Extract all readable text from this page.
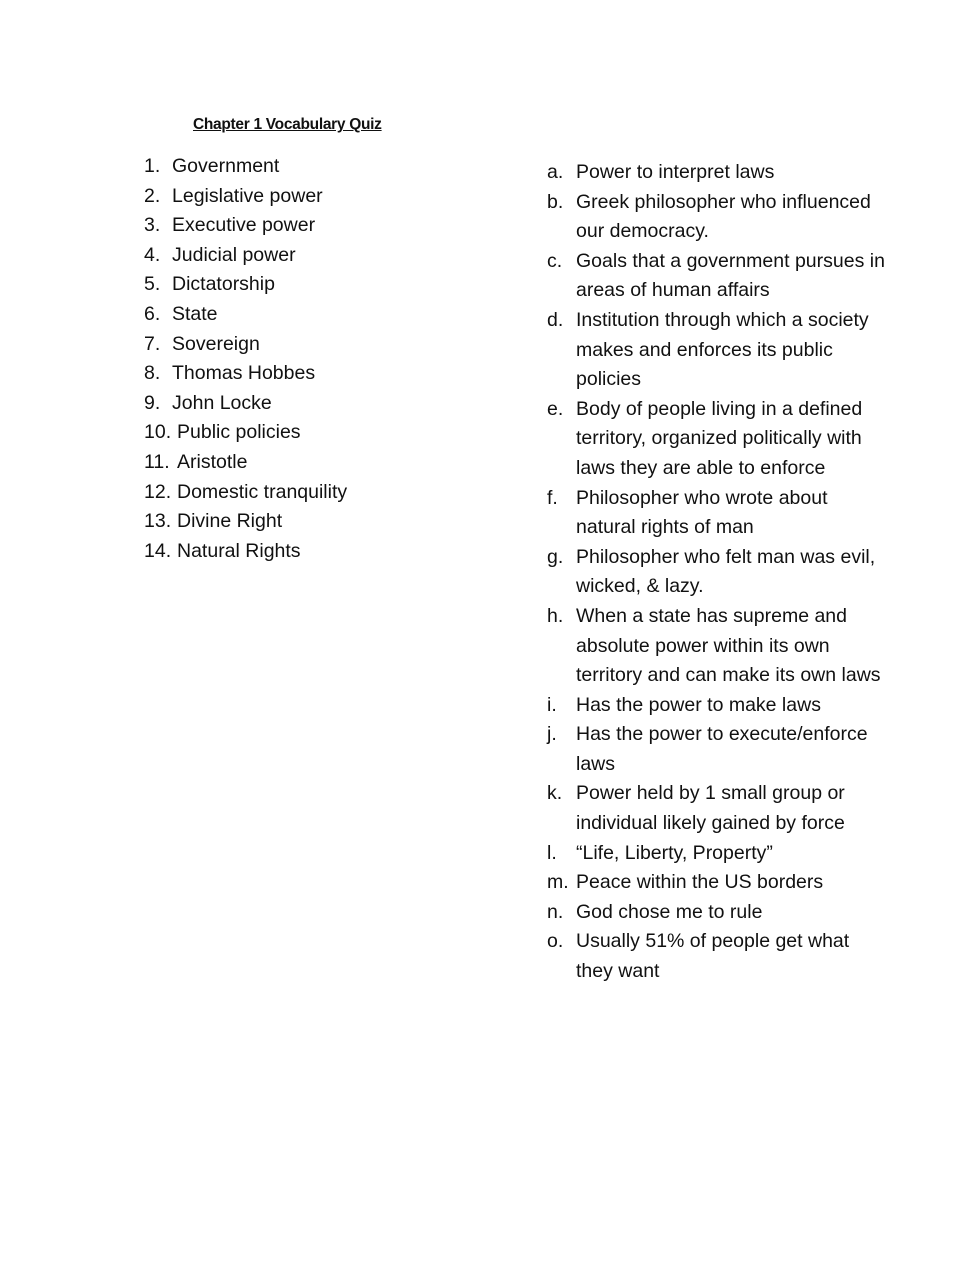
Chapter 1 Vocabulary Quiz
1. Government
2. Legislative power
3. Executive power
4. Judicial power
5. Dictatorship
6. State
7. Sovereign
8. Thomas Hobbes
9. John Locke
10. Public policies
11. Aristotle
12. Domestic tranquility
13. Divine Right
14. Natural Rights
a. Power to interpret laws
b. Greek philosopher who influenced our democracy.
c. Goals that a government pursues in areas of human affairs
d. Institution through which a society makes and enforces its public policies
e. Body of people living in a defined territory, organized politically with laws they are able to enforce
f. Philosopher who wrote about natural rights of man
g. Philosopher who felt man was evil, wicked, & lazy.
h. When a state has supreme and absolute power within its own territory and can make its own laws
i. Has the power to make laws
j. Has the power to execute/enforce laws
k. Power held by 1 small group or individual likely gained by force
l. “Life, Liberty, Property”
m. Peace within the US borders
n. God chose me to rule
o. Usually 51% of people get what they want
